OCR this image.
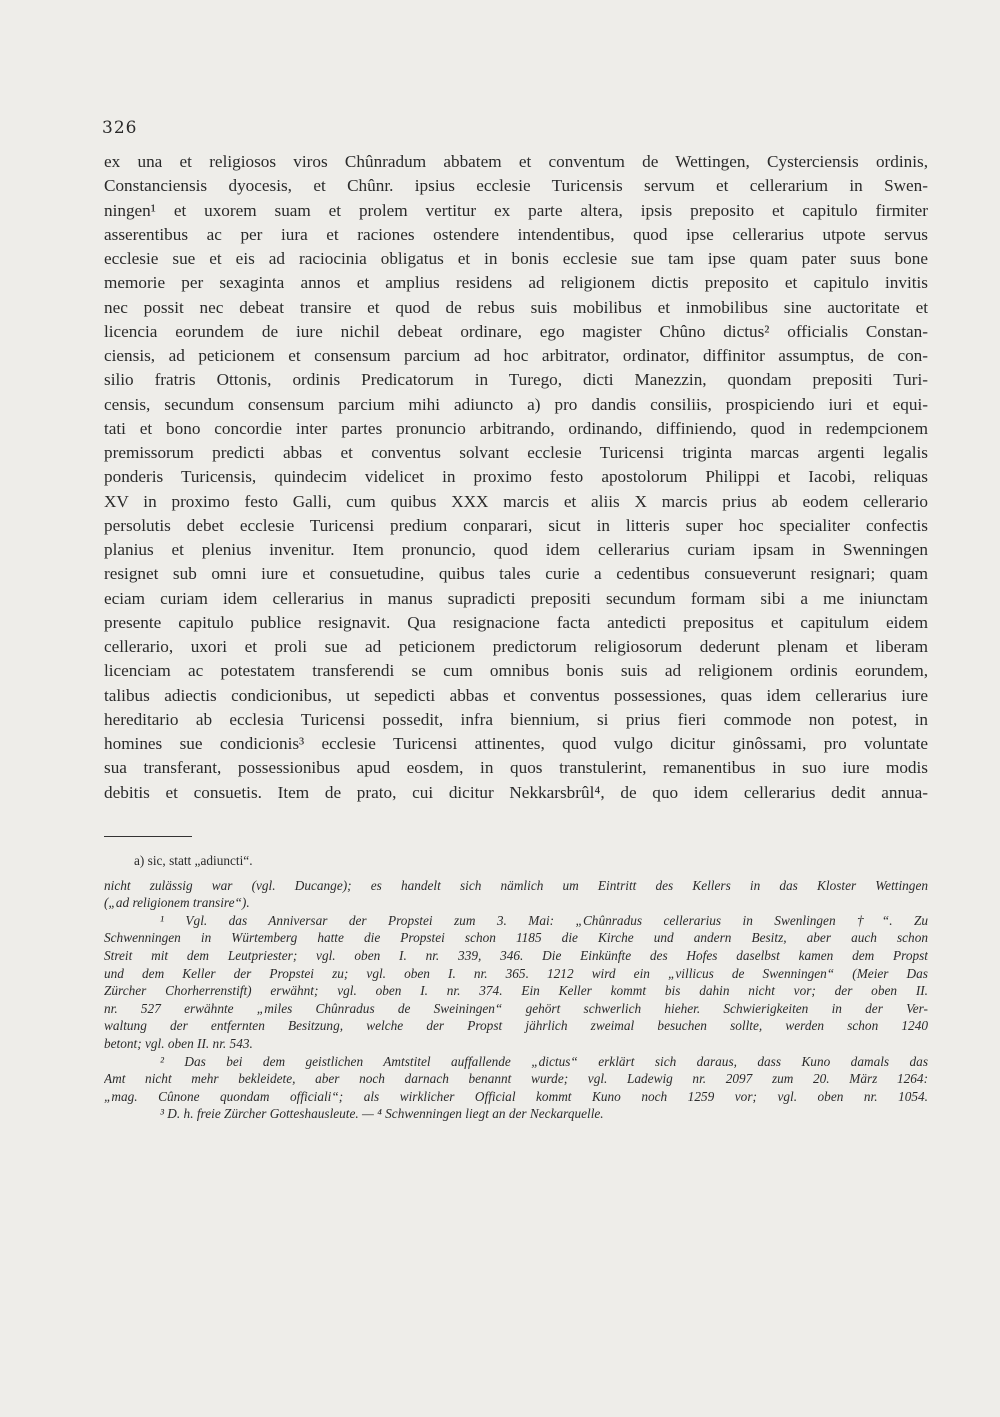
326
ex una et religiosos viros Chûnradum abbatem et conventum de Wettingen, Cysterciensis ordinis,
Constanciensis dyocesis, et Chûnr. ipsius ecclesie Turicensis servum et cellerarium in Swen-
ningen¹ et uxorem suam et prolem vertitur ex parte altera, ipsis preposito et capitulo firmiter
asserentibus ac per iura et raciones ostendere intendentibus, quod ipse cellerarius utpote servus
ecclesie sue et eis ad raciocinia obligatus et in bonis ecclesie sue tam ipse quam pater suus bone
memorie per sexaginta annos et amplius residens ad religionem dictis preposito et capitulo invitis
nec possit nec debeat transire et quod de rebus suis mobilibus et inmobilibus sine auctoritate et
licencia eorundem de iure nichil debeat ordinare, ego magister Chûno dictus² officialis Constan-
ciensis, ad peticionem et consensum parcium ad hoc arbitrator, ordinator, diffinitor assumptus, de con-
silio fratris Ottonis, ordinis Predicatorum in Turego, dicti Manezzin, quondam prepositi Turi-
censis, secundum consensum parcium mihi adiuncto a) pro dandis consiliis, prospiciendo iuri et equi-
tati et bono concordie inter partes pronuncio arbitrando, ordinando, diffiniendo, quod in redempcionem
premissorum predicti abbas et conventus solvant ecclesie Turicensi triginta marcas argenti legalis
ponderis Turicensis, quindecim videlicet in proximo festo apostolorum Philippi et Iacobi, reliquas
XV in proximo festo Galli, cum quibus XXX marcis et aliis X marcis prius ab eodem cellerario
persolutis debet ecclesie Turicensi predium conparari, sicut in litteris super hoc specialiter confectis
planius et plenius invenitur. Item pronuncio, quod idem cellerarius curiam ipsam in Swenningen
resignet sub omni iure et consuetudine, quibus tales curie a cedentibus consueverunt resignari; quam
eciam curiam idem cellerarius in manus supradicti prepositi secundum formam sibi a me iniunctam
presente capitulo publice resignavit. Qua resignacione facta antedicti prepositus et capitulum eidem
cellerario, uxori et proli sue ad peticionem predictorum religiosorum dederunt plenam et liberam
licenciam ac potestatem transferendi se cum omnibus bonis suis ad religionem ordinis eorundem,
talibus adiectis condicionibus, ut sepedicti abbas et conventus possessiones, quas idem cellerarius iure
hereditario ab ecclesia Turicensi possedit, infra biennium, si prius fieri commode non potest, in
homines sue condicionis³ ecclesie Turicensi attinentes, quod vulgo dicitur ginôssami, pro voluntate
sua transferant, possessionibus apud eosdem, in quos transtulerint, remanentibus in suo iure modis
debitis et consuetis. Item de prato, cui dicitur Nekkarsbrûl⁴, de quo idem cellerarius dedit annua-
a) sic, statt „adiuncti“.
nicht zulässig war (vgl. Ducange); es handelt sich nämlich um Eintritt des Kellers in das Kloster Wettingen
(„ad religionem transire“).
¹ Vgl. das Anniversar der Propstei zum 3. Mai: „Chûnradus cellerarius in Swenlingen †“. Zu
Schwenningen in Würtemberg hatte die Propstei schon 1185 die Kirche und andern Besitz, aber auch schon
Streit mit dem Leutpriester; vgl. oben I. nr. 339, 346. Die Einkünfte des Hofes daselbst kamen dem Propst
und dem Keller der Propstei zu; vgl. oben I. nr. 365. 1212 wird ein „villicus de Swenningen“ (Meier Das
Zürcher Chorherrenstift) erwähnt; vgl. oben I. nr. 374. Ein Keller kommt bis dahin nicht vor; der oben II.
nr. 527 erwähnte „miles Chûnradus de Sweiningen“ gehört schwerlich hieher. Schwierigkeiten in der Ver-
waltung der entfernten Besitzung, welche der Propst jährlich zweimal besuchen sollte, werden schon 1240
betont; vgl. oben II. nr. 543.
² Das bei dem geistlichen Amtstitel auffallende „dictus“ erklärt sich daraus, dass Kuno damals das
Amt nicht mehr bekleidete, aber noch darnach benannt wurde; vgl. Ladewig nr. 2097 zum 20. März 1264:
„mag. Cûnone quondam officiali“; als wirklicher Official kommt Kuno noch 1259 vor; vgl. oben nr. 1054.
³ D. h. freie Zürcher Gotteshausleute. — ⁴ Schwenningen liegt an der Neckarquelle.
